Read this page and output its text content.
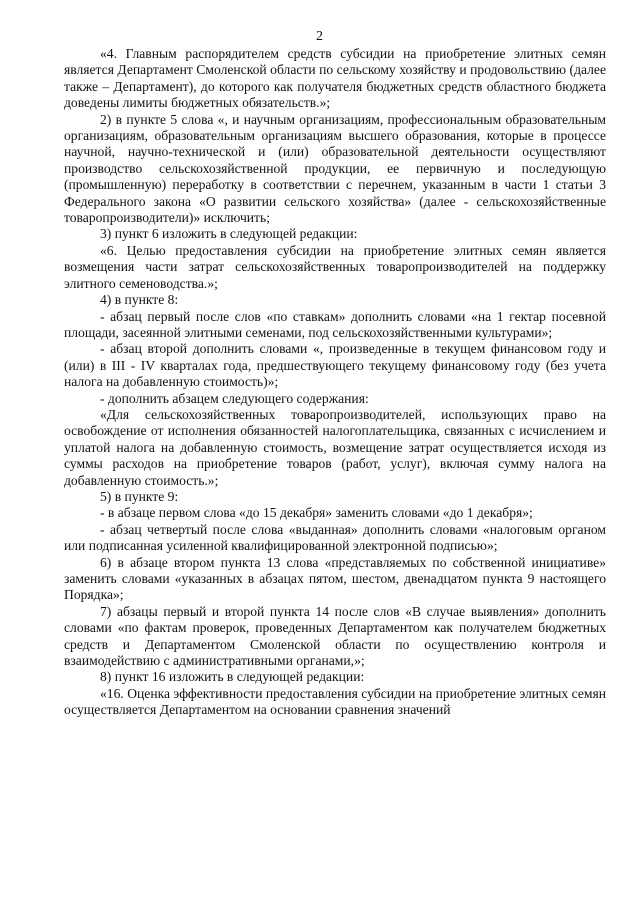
2

«4. Главным распорядителем средств субсидии на приобретение элитных семян является Департамент Смоленской области по сельскому хозяйству и продовольствию (далее также – Департамент), до которого как получателя бюджетных средств областного бюджета доведены лимиты бюджетных обязательств.»;

2) в пункте 5 слова «, и научным организациям, профессиональным образовательным организациям, образовательным организациям высшего образования, которые в процессе научной, научно-технической и (или) образовательной деятельности осуществляют производство сельскохозяйственной продукции, ее первичную и последующую (промышленную) переработку в соответствии с перечнем, указанным в части 1 статьи 3 Федерального закона «О развитии сельского хозяйства» (далее - сельскохозяйственные товаропроизводители)» исключить;

3) пункт 6 изложить в следующей редакции:

«6. Целью предоставления субсидии на приобретение элитных семян является возмещения части затрат сельскохозяйственных товаропроизводителей на поддержку элитного семеноводства.»;

4) в пункте 8:

- абзац первый после слов «по ставкам» дополнить словами «на 1 гектар посевной площади, засеянной элитными семенами, под сельскохозяйственными культурами»;

- абзац второй дополнить словами «, произведенные в текущем финансовом году и (или) в III - IV кварталах года, предшествующего текущему финансовому году (без учета налога на добавленную стоимость)»;

- дополнить абзацем следующего содержания:

«Для сельскохозяйственных товаропроизводителей, использующих право на освобождение от исполнения обязанностей налогоплательщика, связанных с исчислением и уплатой налога на добавленную стоимость, возмещение затрат осуществляется исходя из суммы расходов на приобретение товаров (работ, услуг), включая сумму налога на добавленную стоимость.»;

5) в пункте 9:

- в абзаце первом слова «до 15 декабря» заменить словами «до 1 декабря»;

- абзац четвертый после слова «выданная» дополнить словами «налоговым органом или подписанная усиленной квалифицированной электронной подписью»;

6) в абзаце втором пункта 13 слова «представляемых по собственной инициативе» заменить словами «указанных в абзацах пятом, шестом, двенадцатом пункта 9 настоящего Порядка»;

7) абзацы первый и второй пункта 14 после слов «В случае выявления» дополнить словами «по фактам проверок, проведенных Департаментом как получателем бюджетных средств и Департаментом Смоленской области по осуществлению контроля и взаимодействию с административными органами,»;

8) пункт 16 изложить в следующей редакции:

«16. Оценка эффективности предоставления субсидии на приобретение элитных семян осуществляется Департаментом на основании сравнения значений
